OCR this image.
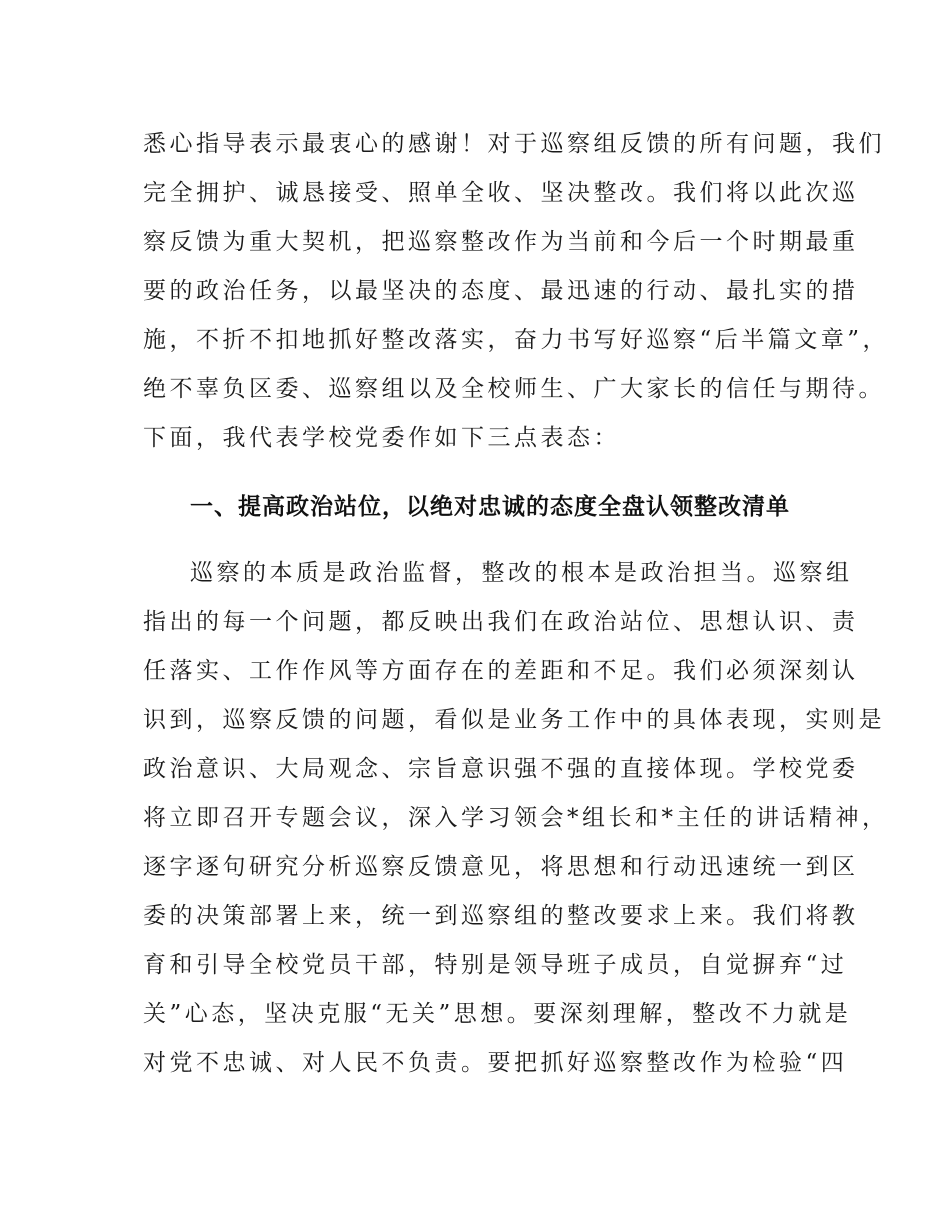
悉心指导表示最衷心的感谢！对于巡察组反馈的所有问题，我们
完全拥护、诚恳接受、照单全收、坚决整改。我们将以此次巡
察反馈为重大契机，把巡察整改作为当前和今后一个时期最重
要的政治任务，以最坚决的态度、最迅速的行动、最扎实的措
施，不折不扣地抓好整改落实，奋力书写好巡察“后半篇文章”，
绝不辜负区委、巡察组以及全校师生、广大家长的信任与期待。
下面，我代表学校党委作如下三点表态：
一、提高政治站位，以绝对忠诚的态度全盘认领整改清单
巡察的本质是政治监督，整改的根本是政治担当。巡察组
指出的每一个问题，都反映出我们在政治站位、思想认识、责
任落实、工作作风等方面存在的差距和不足。我们必须深刻认
识到，巡察反馈的问题，看似是业务工作中的具体表现，实则是
政治意识、大局观念、宗旨意识强不强的直接体现。学校党委
将立即召开专题会议，深入学习领会*组长和*主任的讲话精神，
逐字逐句研究分析巡察反馈意见，将思想和行动迅速统一到区
委的决策部署上来，统一到巡察组的整改要求上来。我们将教
育和引导全校党员干部，特别是领导班子成员，自觉摒弃“过
关”心态，坚决克服“无关”思想。要深刻理解，整改不力就是
对党不忠诚、对人民不负责。要把抓好巡察整改作为检验“四
